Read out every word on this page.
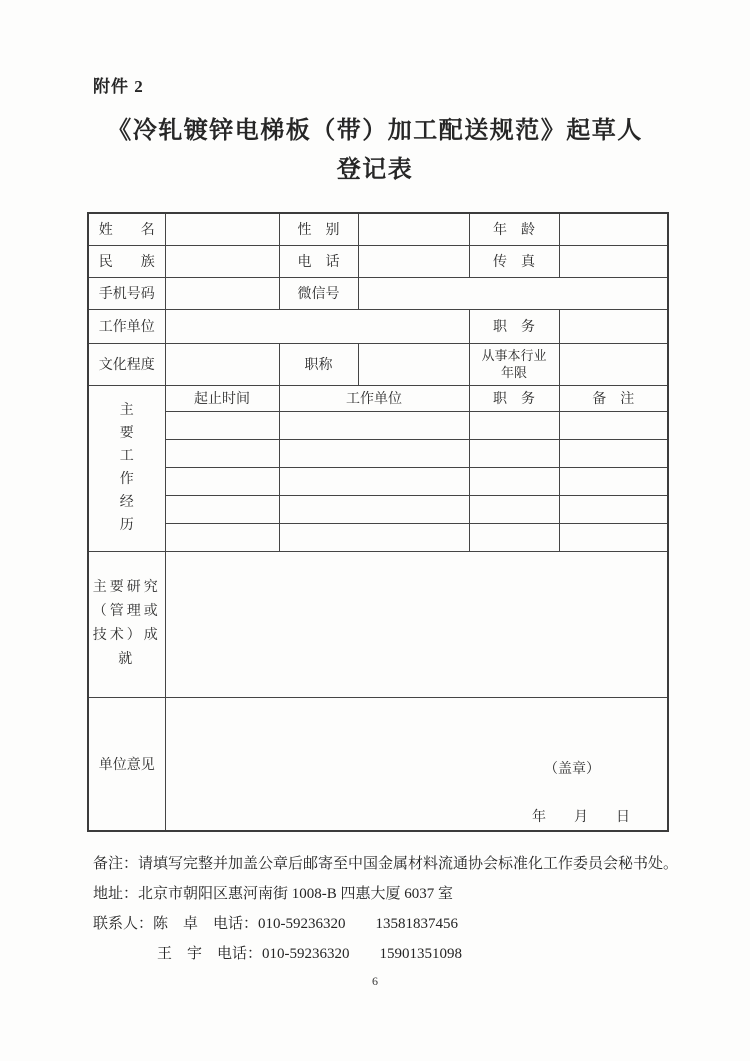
附件 2
《冷轧镀锌电梯板（带）加工配送规范》起草人
登记表
姓　　名		性　别		年　龄	
民　　族		电　话		传　真	
手机号码		微信号			
工作单位				职　务	
文化程度		职称		从事本行业
年限	

主要工作经历	起止时间	工作单位		职　务	备　注

主要研究
（管理或
技术）成就					

单位意见	（盖章）
年　　月　　日				
备注：请填写完整并加盖公章后邮寄至中国金属材料流通协会标准化工作委员会秘书处。
地址：北京市朝阳区惠河南街 1008-B 四惠大厦 6037 室
联系人：陈　卓　电话：010-59236320　　13581837456
王　宇　电话：010-59236320　　15901351098
6
